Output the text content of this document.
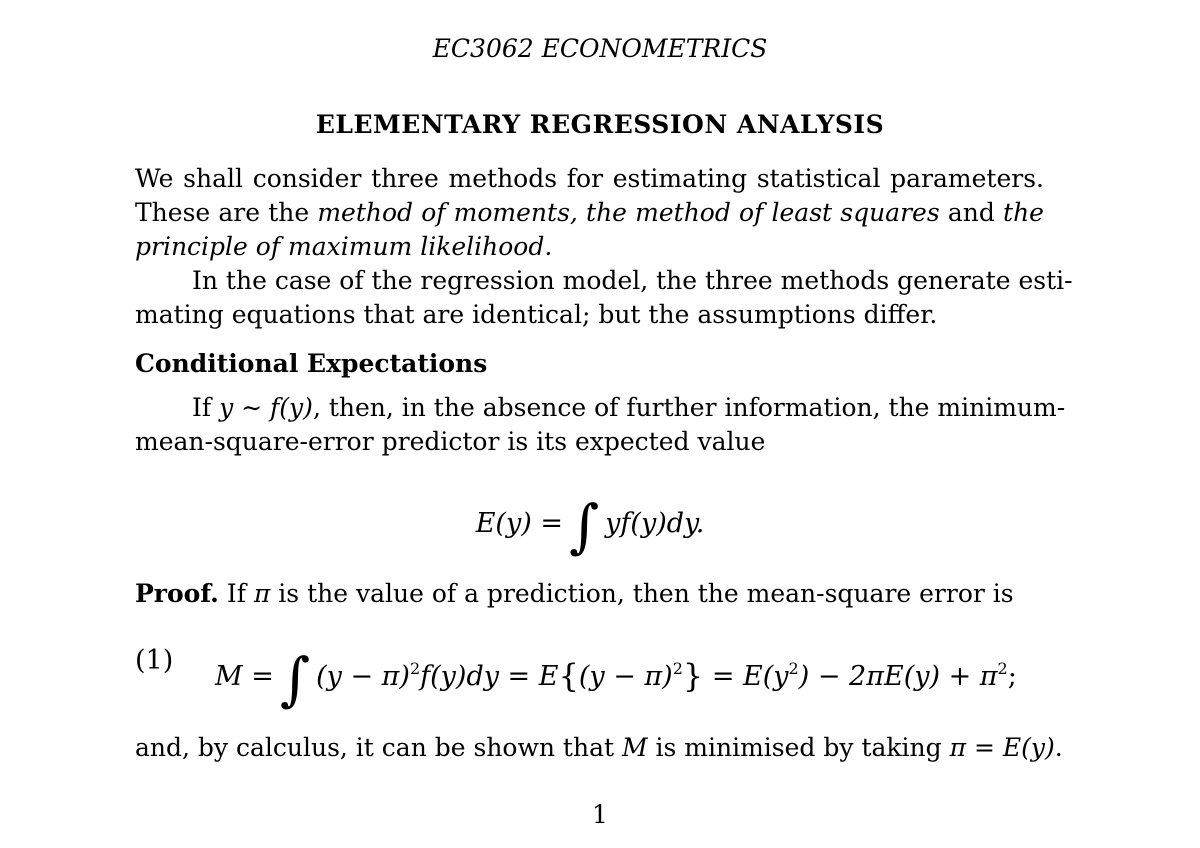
EC3062 ECONOMETRICS
ELEMENTARY REGRESSION ANALYSIS
We shall consider three methods for estimating statistical parameters.
These are the method of moments, the method of least squares and the
principle of maximum likelihood.
In the case of the regression model, the three methods generate esti-
mating equations that are identical; but the assumptions differ.
Conditional Expectations
If y ∼ f(y), then, in the absence of further information, the minimum-
mean-square-error predictor is its expected value
E(y) = ∫ yf(y)dy.
Proof. If π is the value of a prediction, then the mean-square error is
(1)
M = ∫ $(y - \pi)^2f(y)dy = E\{(y - \pi)^2\} = E(y^2) - 2\pi E(y) + \pi^2$;
and, by calculus, it can be shown that M is minimised by taking π = E(y).
1
